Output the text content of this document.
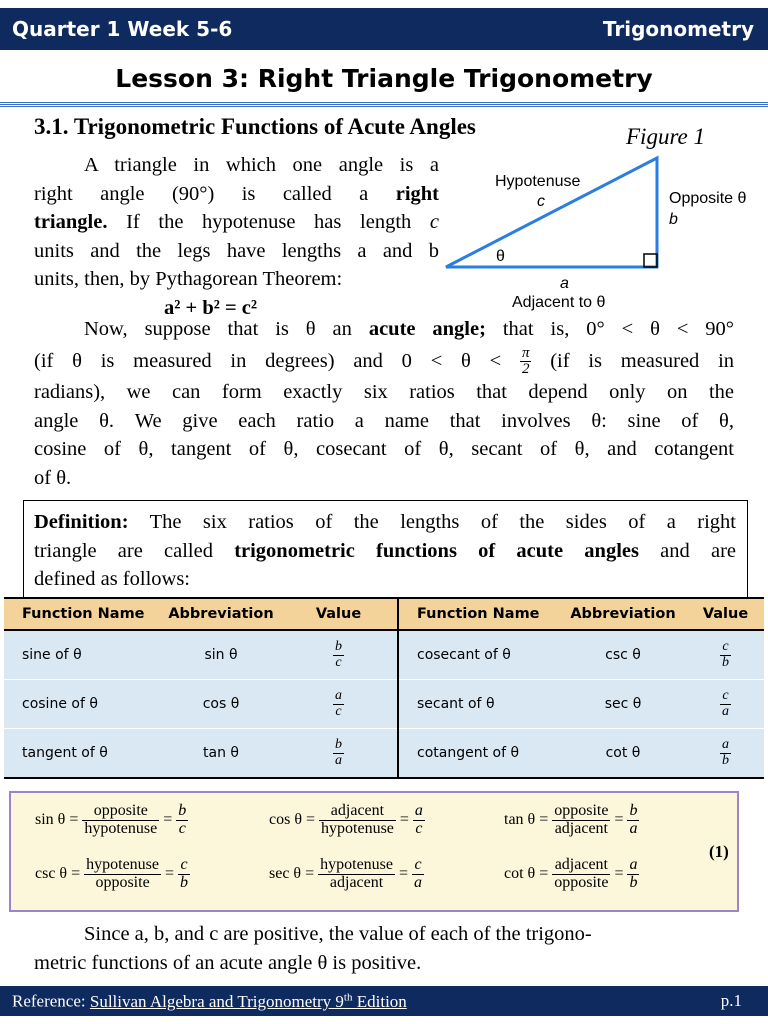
Quarter 1 Week 5-6	Trigonometry
Lesson 3: Right Triangle Trigonometry
3.1. Trigonometric Functions of Acute Angles	Figure 1
Hypotenuse
c	Opposite θ
b
θ
a
Adjacent to θ
A triangle in which one angle is a
right angle (90°) is called a right
triangle. If the hypotenuse has length c
units and the legs have lengths a and b
units, then, by Pythagorean Theorem:
a² + b² = c²
Now, suppose that is θ an acute angle; that is, 0° < θ < 90°
(if θ is measured in degrees) and $0 < \theta < \frac{\pi}{2} (if$ is measured in
radians), we can form exactly six ratios that depend only on the
angle θ. We give each ratio a name that involves θ: sine of θ,
cosine of θ, tangent of θ, cosecant of θ, secant of θ, and cotangent
of θ.
Definition: The six ratios of the lengths of the sides of a right
triangle are called trigonometric functions of acute angles and are
defined as follows:
Function Name	Abbreviation	Value	Function Name	Abbreviation	Value
sine of θ	sin θ	$\frac{b}{c}$	cosecant of θ	csc θ	$\frac{c}{b}$

cosine of θ	cos θ	$\frac{a}{c}$	secant of θ	sec θ	$\frac{c}{a}$

tangent of θ	tan θ	$\frac{b}{a}$	cotangent of θ	cot θ	$\frac{a}{b}$
$\sin \theta = \frac{\text{opposite}}{\text{hypotenuse}} = \frac{b}{c}$	$\cos \theta = \frac{\text{adjacent}}{\text{hypotenuse}} = \frac{a}{c}$	$\tan \theta = \frac{\text{opposite}}{\text{adjacent}} = \frac{b}{a}$
$\csc \theta = \frac{\text{hypotenuse}}{\text{opposite}} = \frac{c}{b}$	$\sec \theta = \frac{\text{hypotenuse}}{\text{adjacent}} = \frac{c}{a}$	$\cot \theta = \frac{\text{adjacent}}{\text{opposite}} = \frac{a}{b}$
(1)
Since a, b, and c are positive, the value of each of the trigono-
metric functions of an acute angle θ is positive.
Reference: Sullivan Algebra and Trigonometry 9th Edition	p.1
